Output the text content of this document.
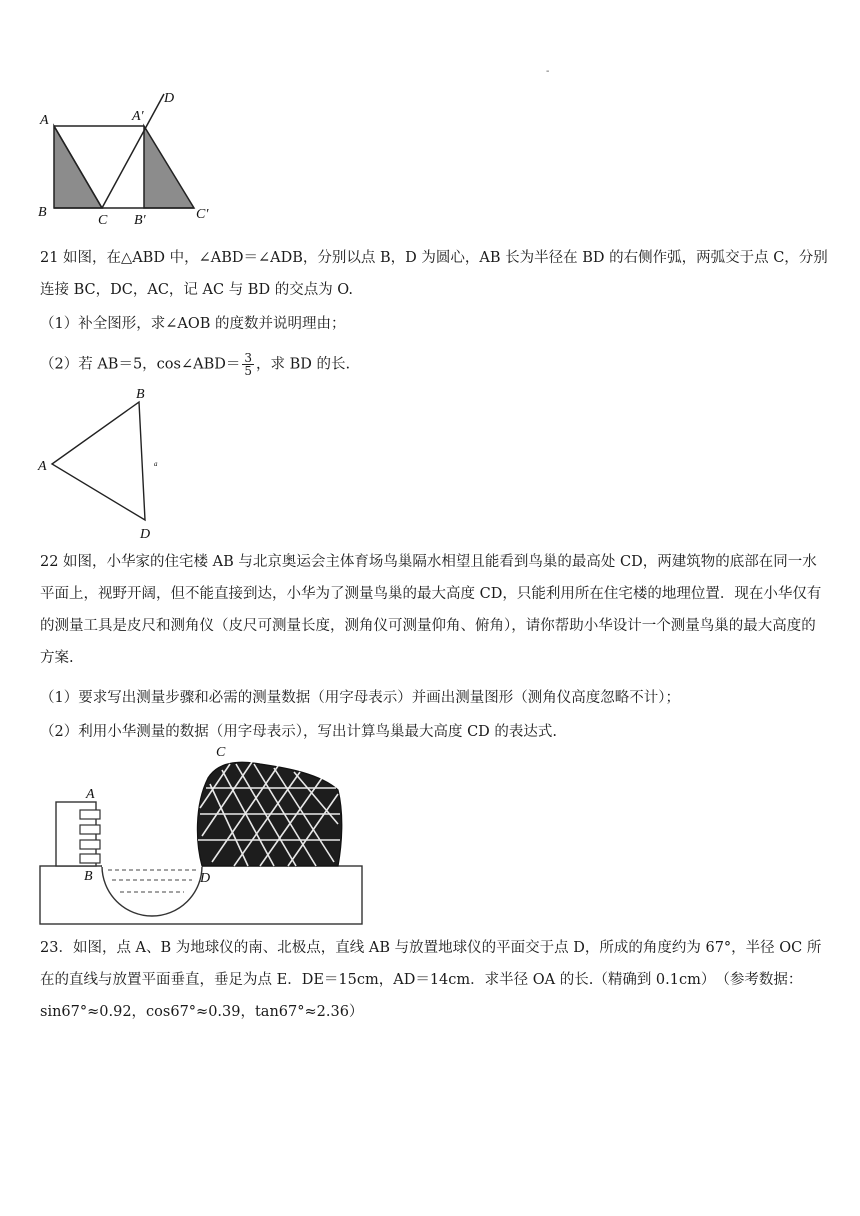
-
A	A′
D
B
C B′	C′

21 如图，在△ABD 中，∠ABD＝∠ADB，分别以点 B，D 为圆心，AB 长为半径在 BD 的右侧作弧，两弧交于点 C，分别连接 BC，DC，AC，记 AC 与 BD 的交点为 O.

（1）补全图形，求∠AOB 的度数并说明理由；
（2）若 AB＝5，cos∠ABD＝ $\frac{3}{5}$ ，求 BD 的长.
B
A
D
a

22 如图，小华家的住宅楼 AB 与北京奥运会主体育场鸟巢隔水相望且能看到鸟巢的最高处 CD，两建筑物的底部在同一水平面上，视野开阔，但不能直接到达，小华为了测量鸟巢的最大高度 CD，只能利用所在住宅楼的地理位置．现在小华仅有的测量工具是皮尺和测角仪（皮尺可测量长度，测角仪可测量仰角、俯角），请你帮助小华设计一个测量鸟巢的最大高度的方案.

（1）要求写出测量步骤和必需的测量数据（用字母表示）并画出测量图形（测角仪高度忽略不计）；
（2）利用小华测量的数据（用字母表示），写出计算鸟巢最大高度 CD 的表达式.
A
B
C
D

23．如图，点 A、B 为地球仪的南、北极点，直线 AB 与放置地球仪的平面交于点 D，所成的角度约为 67°，半径 OC 所在的直线与放置平面垂直，垂足为点 E．DE＝15cm，AD＝14cm．求半径 OA 的长.（精确到 0.1cm）　（参考数据：sin67°≈0.92，cos67°≈0.39，tan67°≈2.36）
